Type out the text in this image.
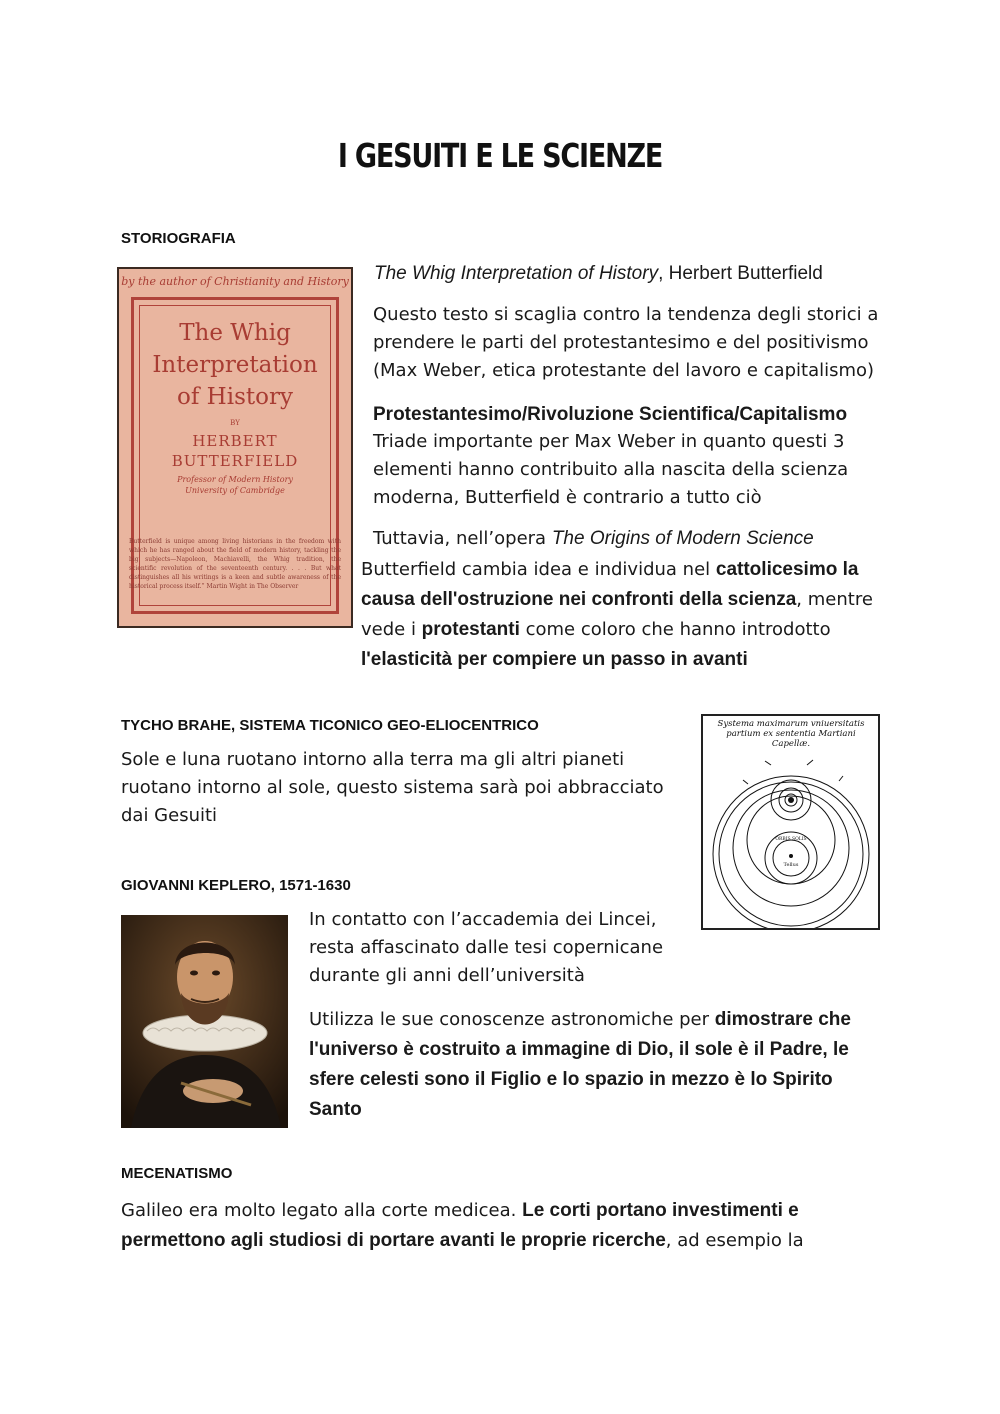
I GESUITI E LE SCIENZE
STORIOGRAFIA
by the author of Christianity and History
The Whig
Interpretation
of History
BY
HERBERT
BUTTERFIELD
Professor of Modern History
University of Cambridge
Butterfield is unique among living historians in the freedom with which he has ranged about the field of modern history, tackling the big subjects—Napoleon, Machiavelli, the Whig tradition, the scientific revolution of the seventeenth century. . . . But what distinguishes all his writings is a keen and subtle awareness of the historical process itself.” Martin Wight in The Observer
The Whig Interpretation of History, Herbert Butterfield
Questo testo si scaglia contro la tendenza degli storici a prendere le parti del protestantesimo e del positivismo (Max Weber, etica protestante del lavoro e capitalismo)
Protestantesimo/Rivoluzione Scientifica/Capitalismo
Triade importante per Max Weber in quanto questi 3 elementi hanno contribuito alla nascita della scienza moderna, Butterfield è contrario a tutto ciò
Tuttavia, nell’opera The Origins of Modern Science
Butterfield cambia idea e individua nel cattolicesimo la causa dell'ostruzione nei confronti della scienza, mentre vede i protestanti come coloro che hanno introdotto l'elasticità per compiere un passo in avanti
TYCHO BRAHE, SISTEMA TICONICO GEO-ELIOCENTRICO
Sole e luna ruotano intorno alla terra ma gli altri pianeti ruotano intorno al sole, questo sistema sarà poi abbracciato dai Gesuiti
Systema maximarum vniuersitatis
partium ex sententia Martiani
Capellæ.
Tellus
ORBIS SOLIS
GIOVANNI KEPLERO, 1571-1630
In contatto con l’accademia dei Lincei, resta affascinato dalle tesi copernicane durante gli anni dell’università
Utilizza le sue conoscenze astronomiche per dimostrare che l'universo è costruito a immagine di Dio, il sole è il Padre, le sfere celesti sono il Figlio e lo spazio in mezzo è lo Spirito Santo
MECENATISMO
Galileo era molto legato alla corte medicea. Le corti portano investimenti e permettono agli studiosi di portare avanti le proprie ricerche, ad esempio la
